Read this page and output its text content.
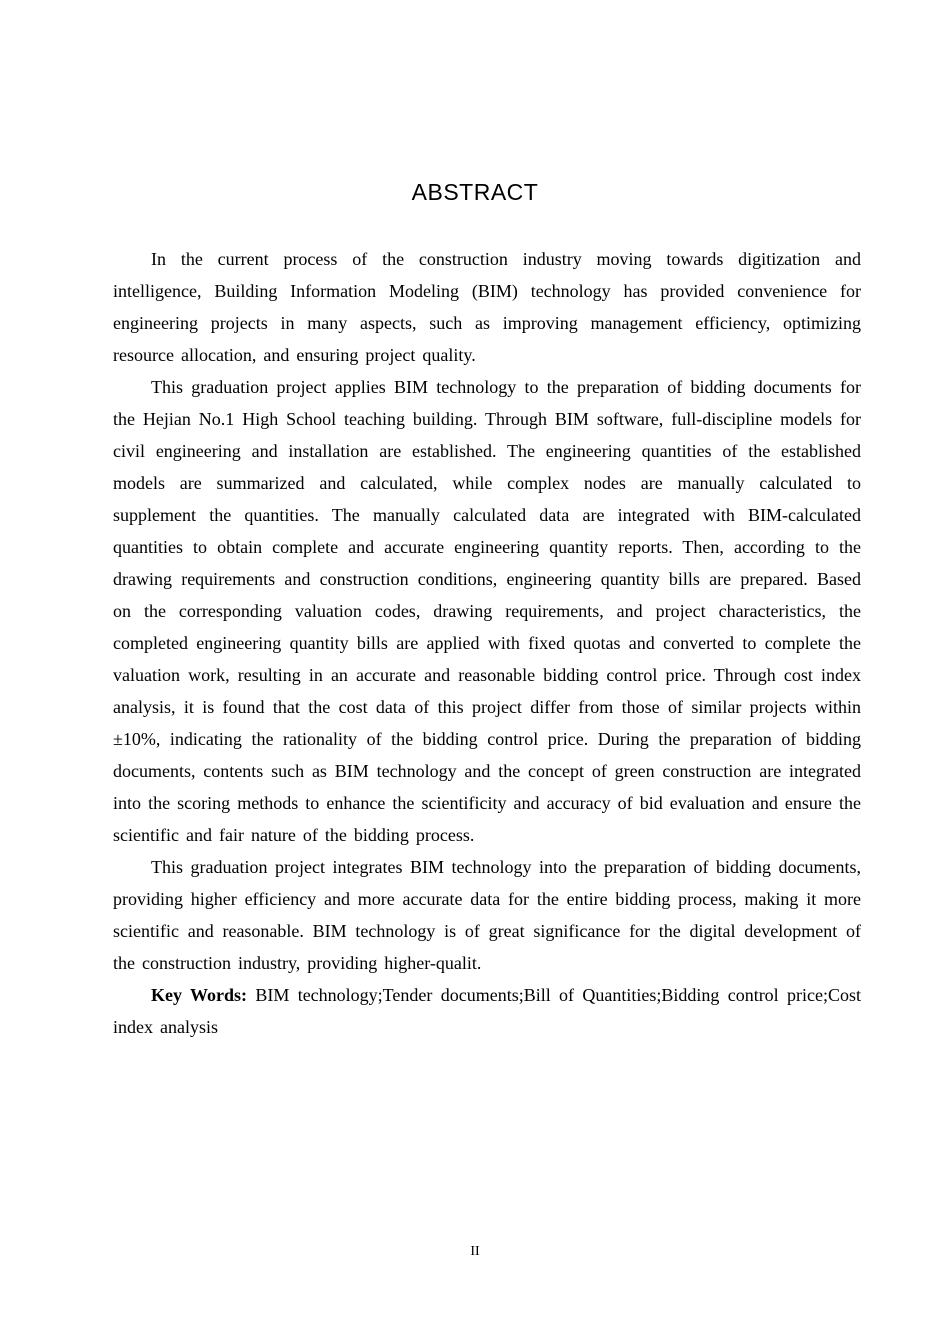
ABSTRACT

In the current process of the construction industry moving towards digitization and intelligence, Building Information Modeling (BIM) technology has provided convenience for engineering projects in many aspects, such as improving management efficiency, optimizing resource allocation, and ensuring project quality.

This graduation project applies BIM technology to the preparation of bidding documents for the Hejian No.1 High School teaching building. Through BIM software, full-discipline models for civil engineering and installation are established. The engineering quantities of the established models are summarized and calculated, while complex nodes are manually calculated to supplement the quantities. The manually calculated data are integrated with BIM-calculated quantities to obtain complete and accurate engineering quantity reports. Then, according to the drawing requirements and construction conditions, engineering quantity bills are prepared. Based on the corresponding valuation codes, drawing requirements, and project characteristics, the completed engineering quantity bills are applied with fixed quotas and converted to complete the valuation work, resulting in an accurate and reasonable bidding control price. Through cost index analysis, it is found that the cost data of this project differ from those of similar projects within ±10%, indicating the rationality of the bidding control price. During the preparation of bidding documents, contents such as BIM technology and the concept of green construction are integrated into the scoring methods to enhance the scientificity and accuracy of bid evaluation and ensure the scientific and fair nature of the bidding process.

This graduation project integrates BIM technology into the preparation of bidding documents, providing higher efficiency and more accurate data for the entire bidding process, making it more scientific and reasonable. BIM technology is of great significance for the digital development of the construction industry, providing higher-qualit.

Key Words: BIM technology;Tender documents;Bill of Quantities;Bidding control price;Cost index analysis

II
